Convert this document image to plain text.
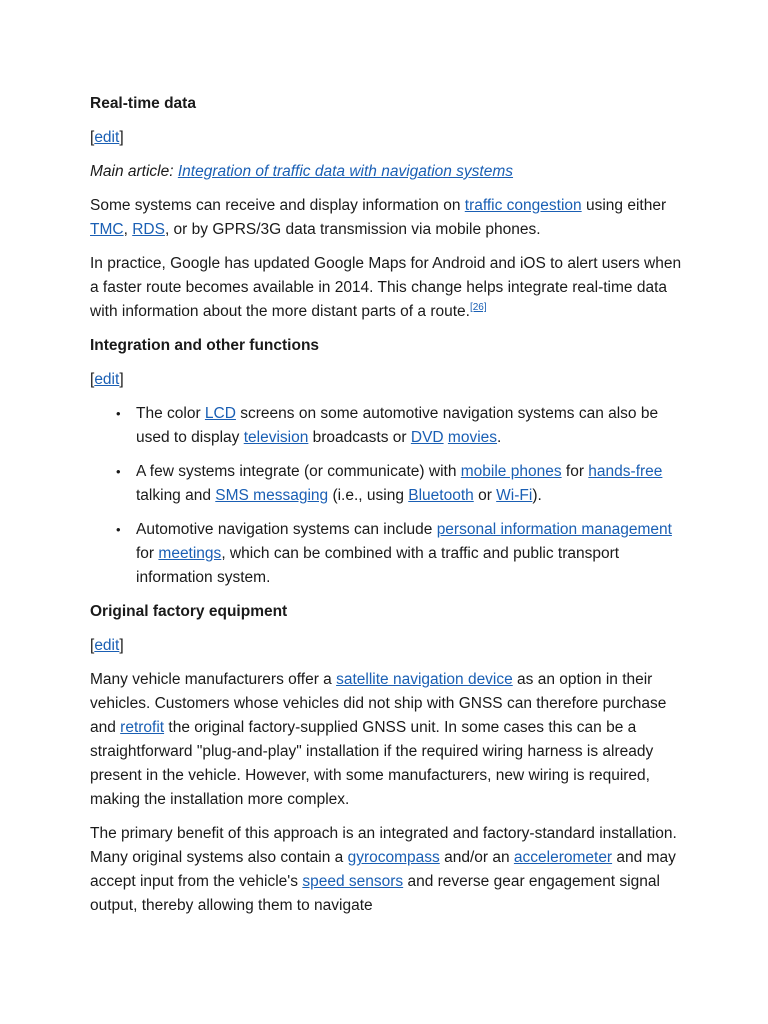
Real-time data

[edit]

Main article: Integration of traffic data with navigation systems

Some systems can receive and display information on traffic congestion using either TMC, RDS, or by GPRS/3G data transmission via mobile phones.

In practice, Google has updated Google Maps for Android and iOS to alert users when a faster route becomes available in 2014. This change helps integrate real-time data with information about the more distant parts of a route.[26]

Integration and other functions

[edit]

• The color LCD screens on some automotive navigation systems can also be used to display television broadcasts or DVD movies.
• A few systems integrate (or communicate) with mobile phones for hands-free talking and SMS messaging (i.e., using Bluetooth or Wi-Fi).
• Automotive navigation systems can include personal information management for meetings, which can be combined with a traffic and public transport information system.

Original factory equipment

[edit]

Many vehicle manufacturers offer a satellite navigation device as an option in their vehicles. Customers whose vehicles did not ship with GNSS can therefore purchase and retrofit the original factory-supplied GNSS unit. In some cases this can be a straightforward "plug-and-play" installation if the required wiring harness is already present in the vehicle. However, with some manufacturers, new wiring is required, making the installation more complex.

The primary benefit of this approach is an integrated and factory-standard installation. Many original systems also contain a gyrocompass and/or an accelerometer and may accept input from the vehicle's speed sensors and reverse gear engagement signal output, thereby allowing them to navigate
